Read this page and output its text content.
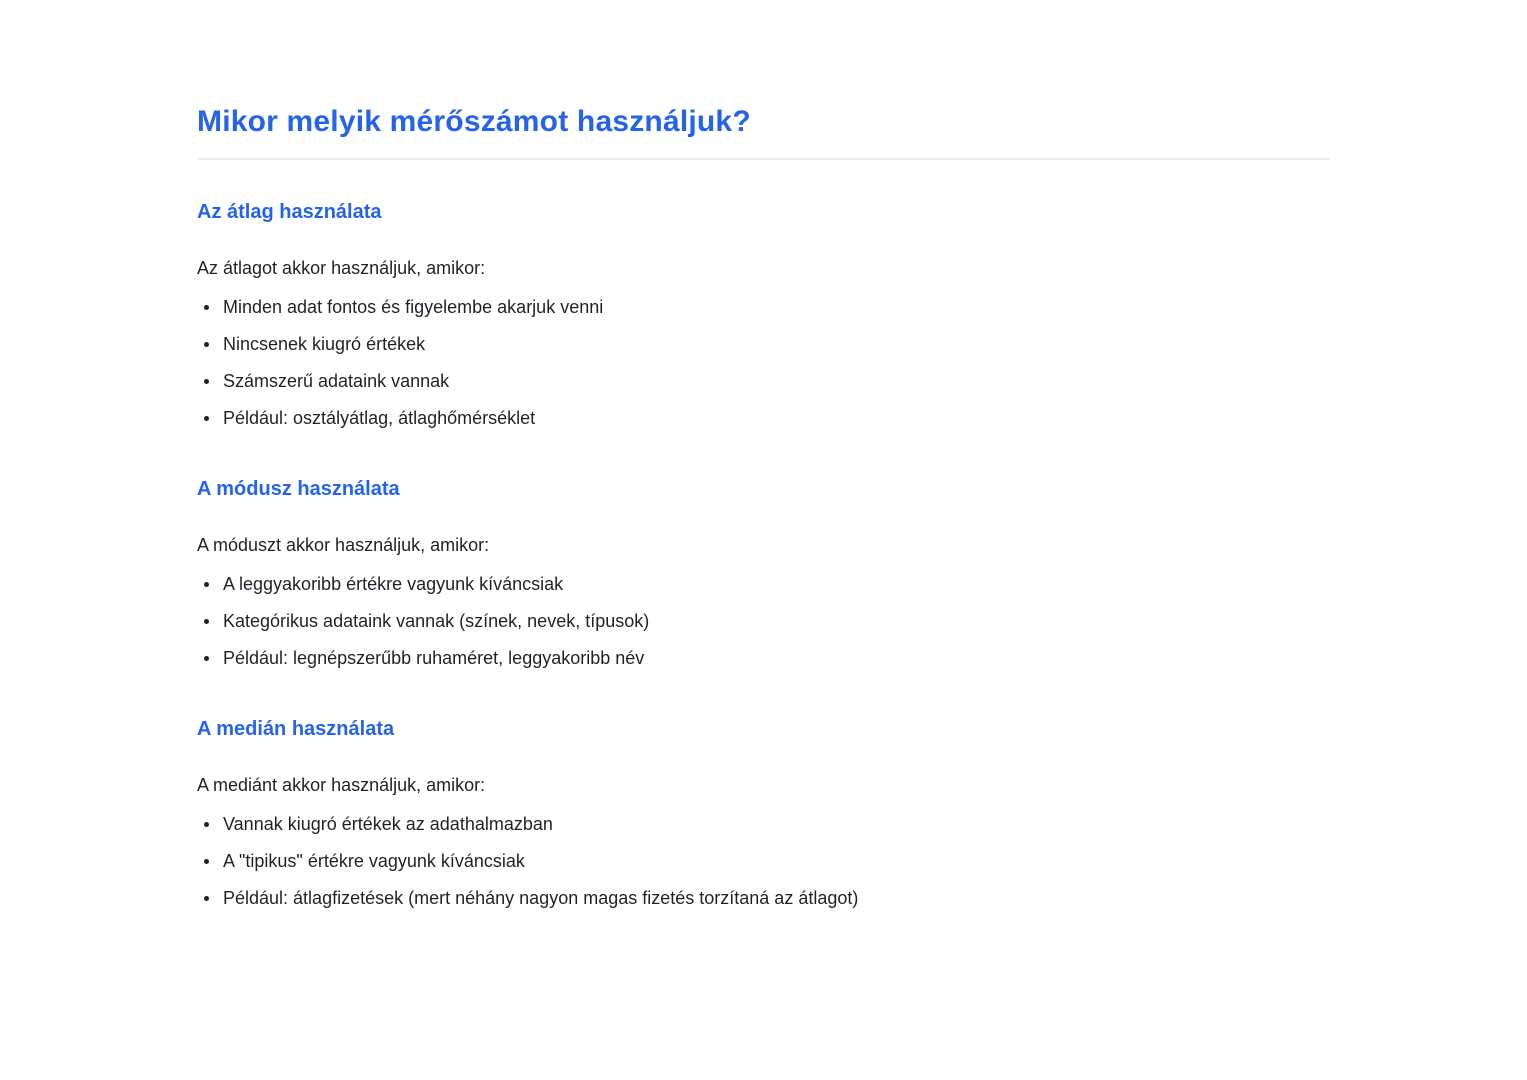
Mikor melyik mérőszámot használjuk?
Az átlag használata

Az átlagot akkor használjuk, amikor:

Minden adat fontos és figyelembe akarjuk venni
Nincsenek kiugró értékek
Számszerű adataink vannak
Például: osztályátlag, átlaghőmérséklet
A módusz használata

A móduszt akkor használjuk, amikor:

A leggyakoribb értékre vagyunk kíváncsiak
Kategórikus adataink vannak (színek, nevek, típusok)
Például: legnépszerűbb ruhaméret, leggyakoribb név
A medián használata

A mediánt akkor használjuk, amikor:

Vannak kiugró értékek az adathalmazban
A "tipikus" értékre vagyunk kíváncsiak
Például: átlagfizetések (mert néhány nagyon magas fizetés torzítaná az átlagot)
